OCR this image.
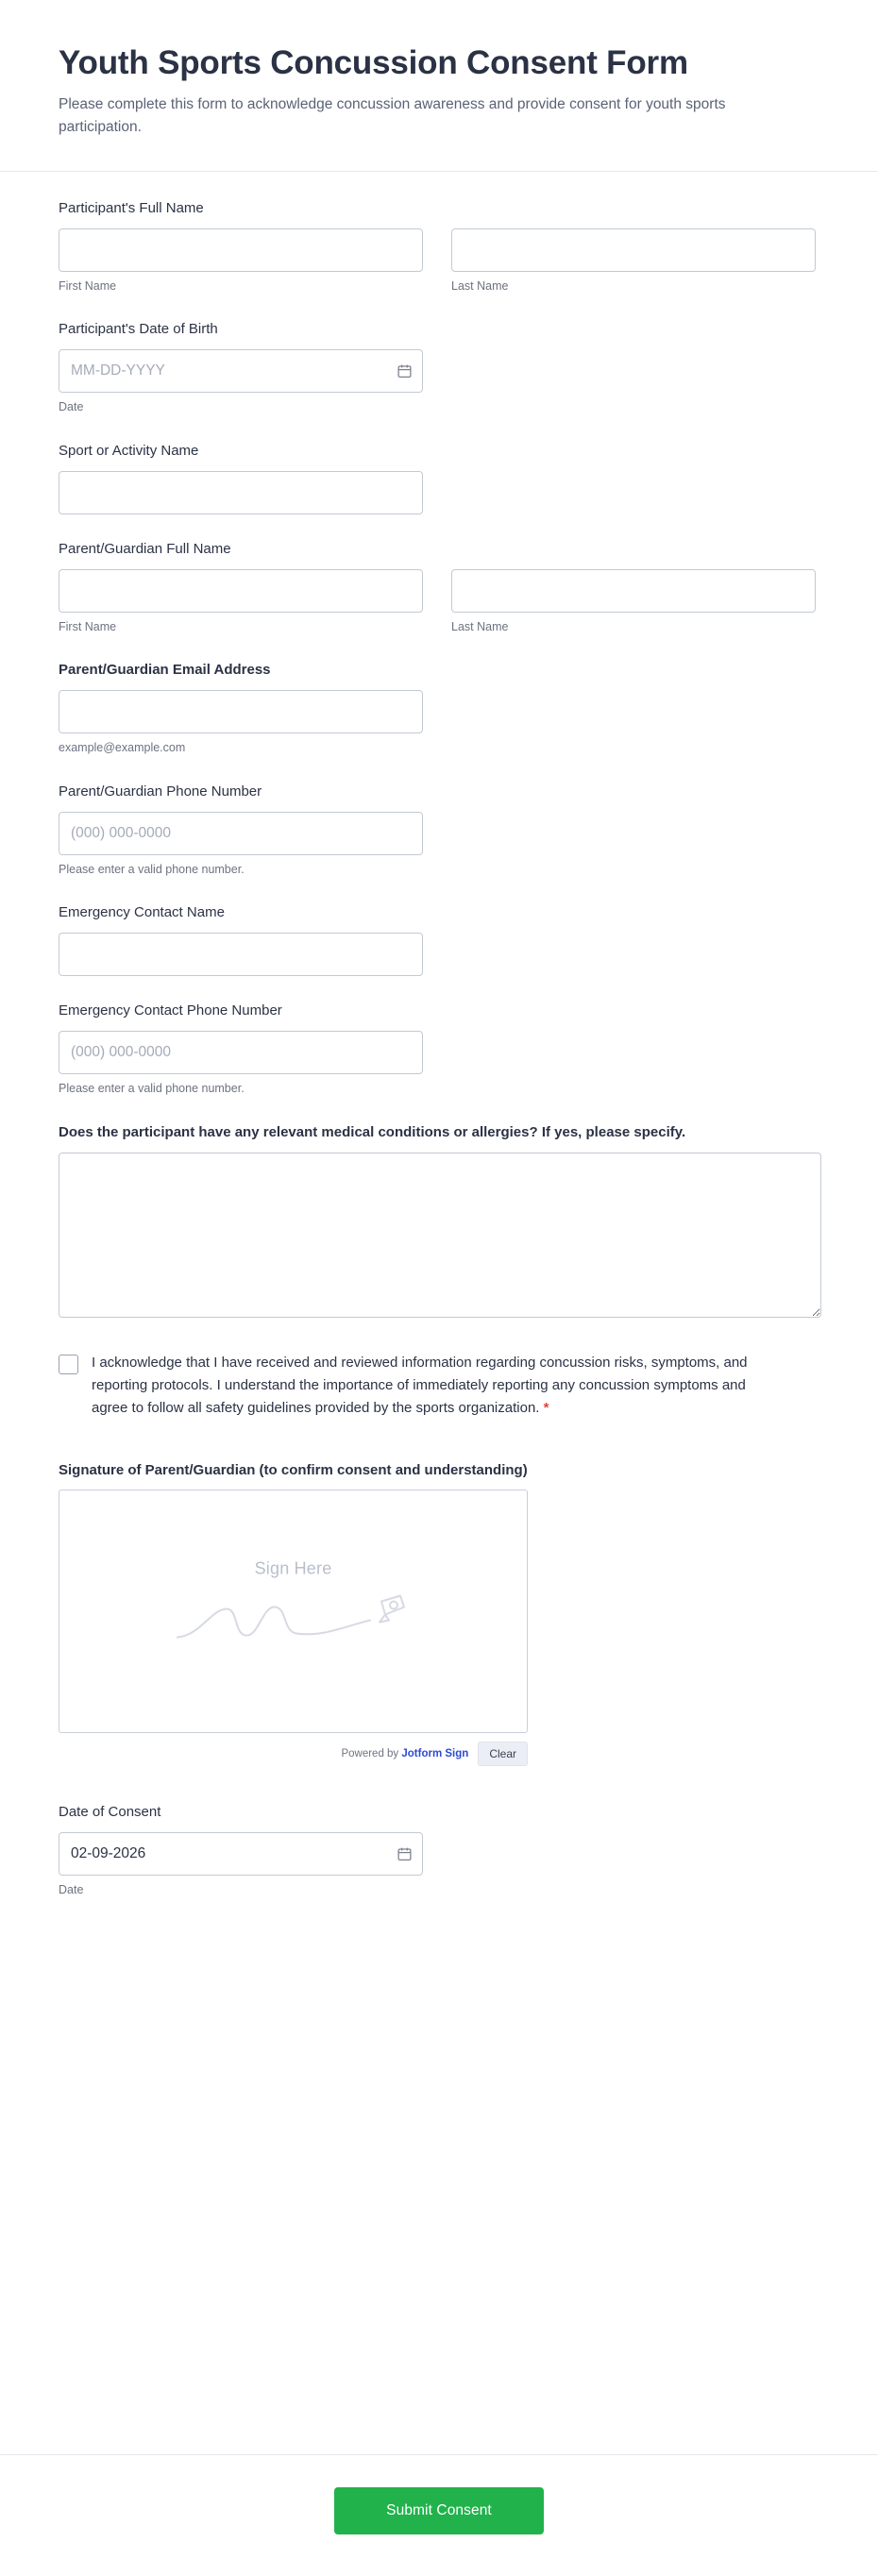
Youth Sports Concussion Consent Form

Please complete this form to acknowledge concussion awareness and provide consent for youth sports participation.

Participant's Full Name
First Name	Last Name
Participant's Date of Birth
MM-DD-YYYY
Date
Sport or Activity Name
Parent/Guardian Full Name
First Name	Last Name
Parent/Guardian Email Address
example@example.com
Parent/Guardian Phone Number
(000) 000-0000
Please enter a valid phone number.
Emergency Contact Name
Emergency Contact Phone Number
(000) 000-0000
Please enter a valid phone number.
Does the participant have any relevant medical conditions or allergies? If yes, please specify.
I acknowledge that I have received and reviewed information regarding concussion risks, symptoms, and reporting protocols. I understand the importance of immediately reporting any concussion symptoms and agree to follow all safety guidelines provided by the sports organization. *
Signature of Parent/Guardian (to confirm consent and understanding)
Sign Here
Powered by Jotform Sign	Clear
Date of Consent
02-09-2026
Date
Submit Consent
